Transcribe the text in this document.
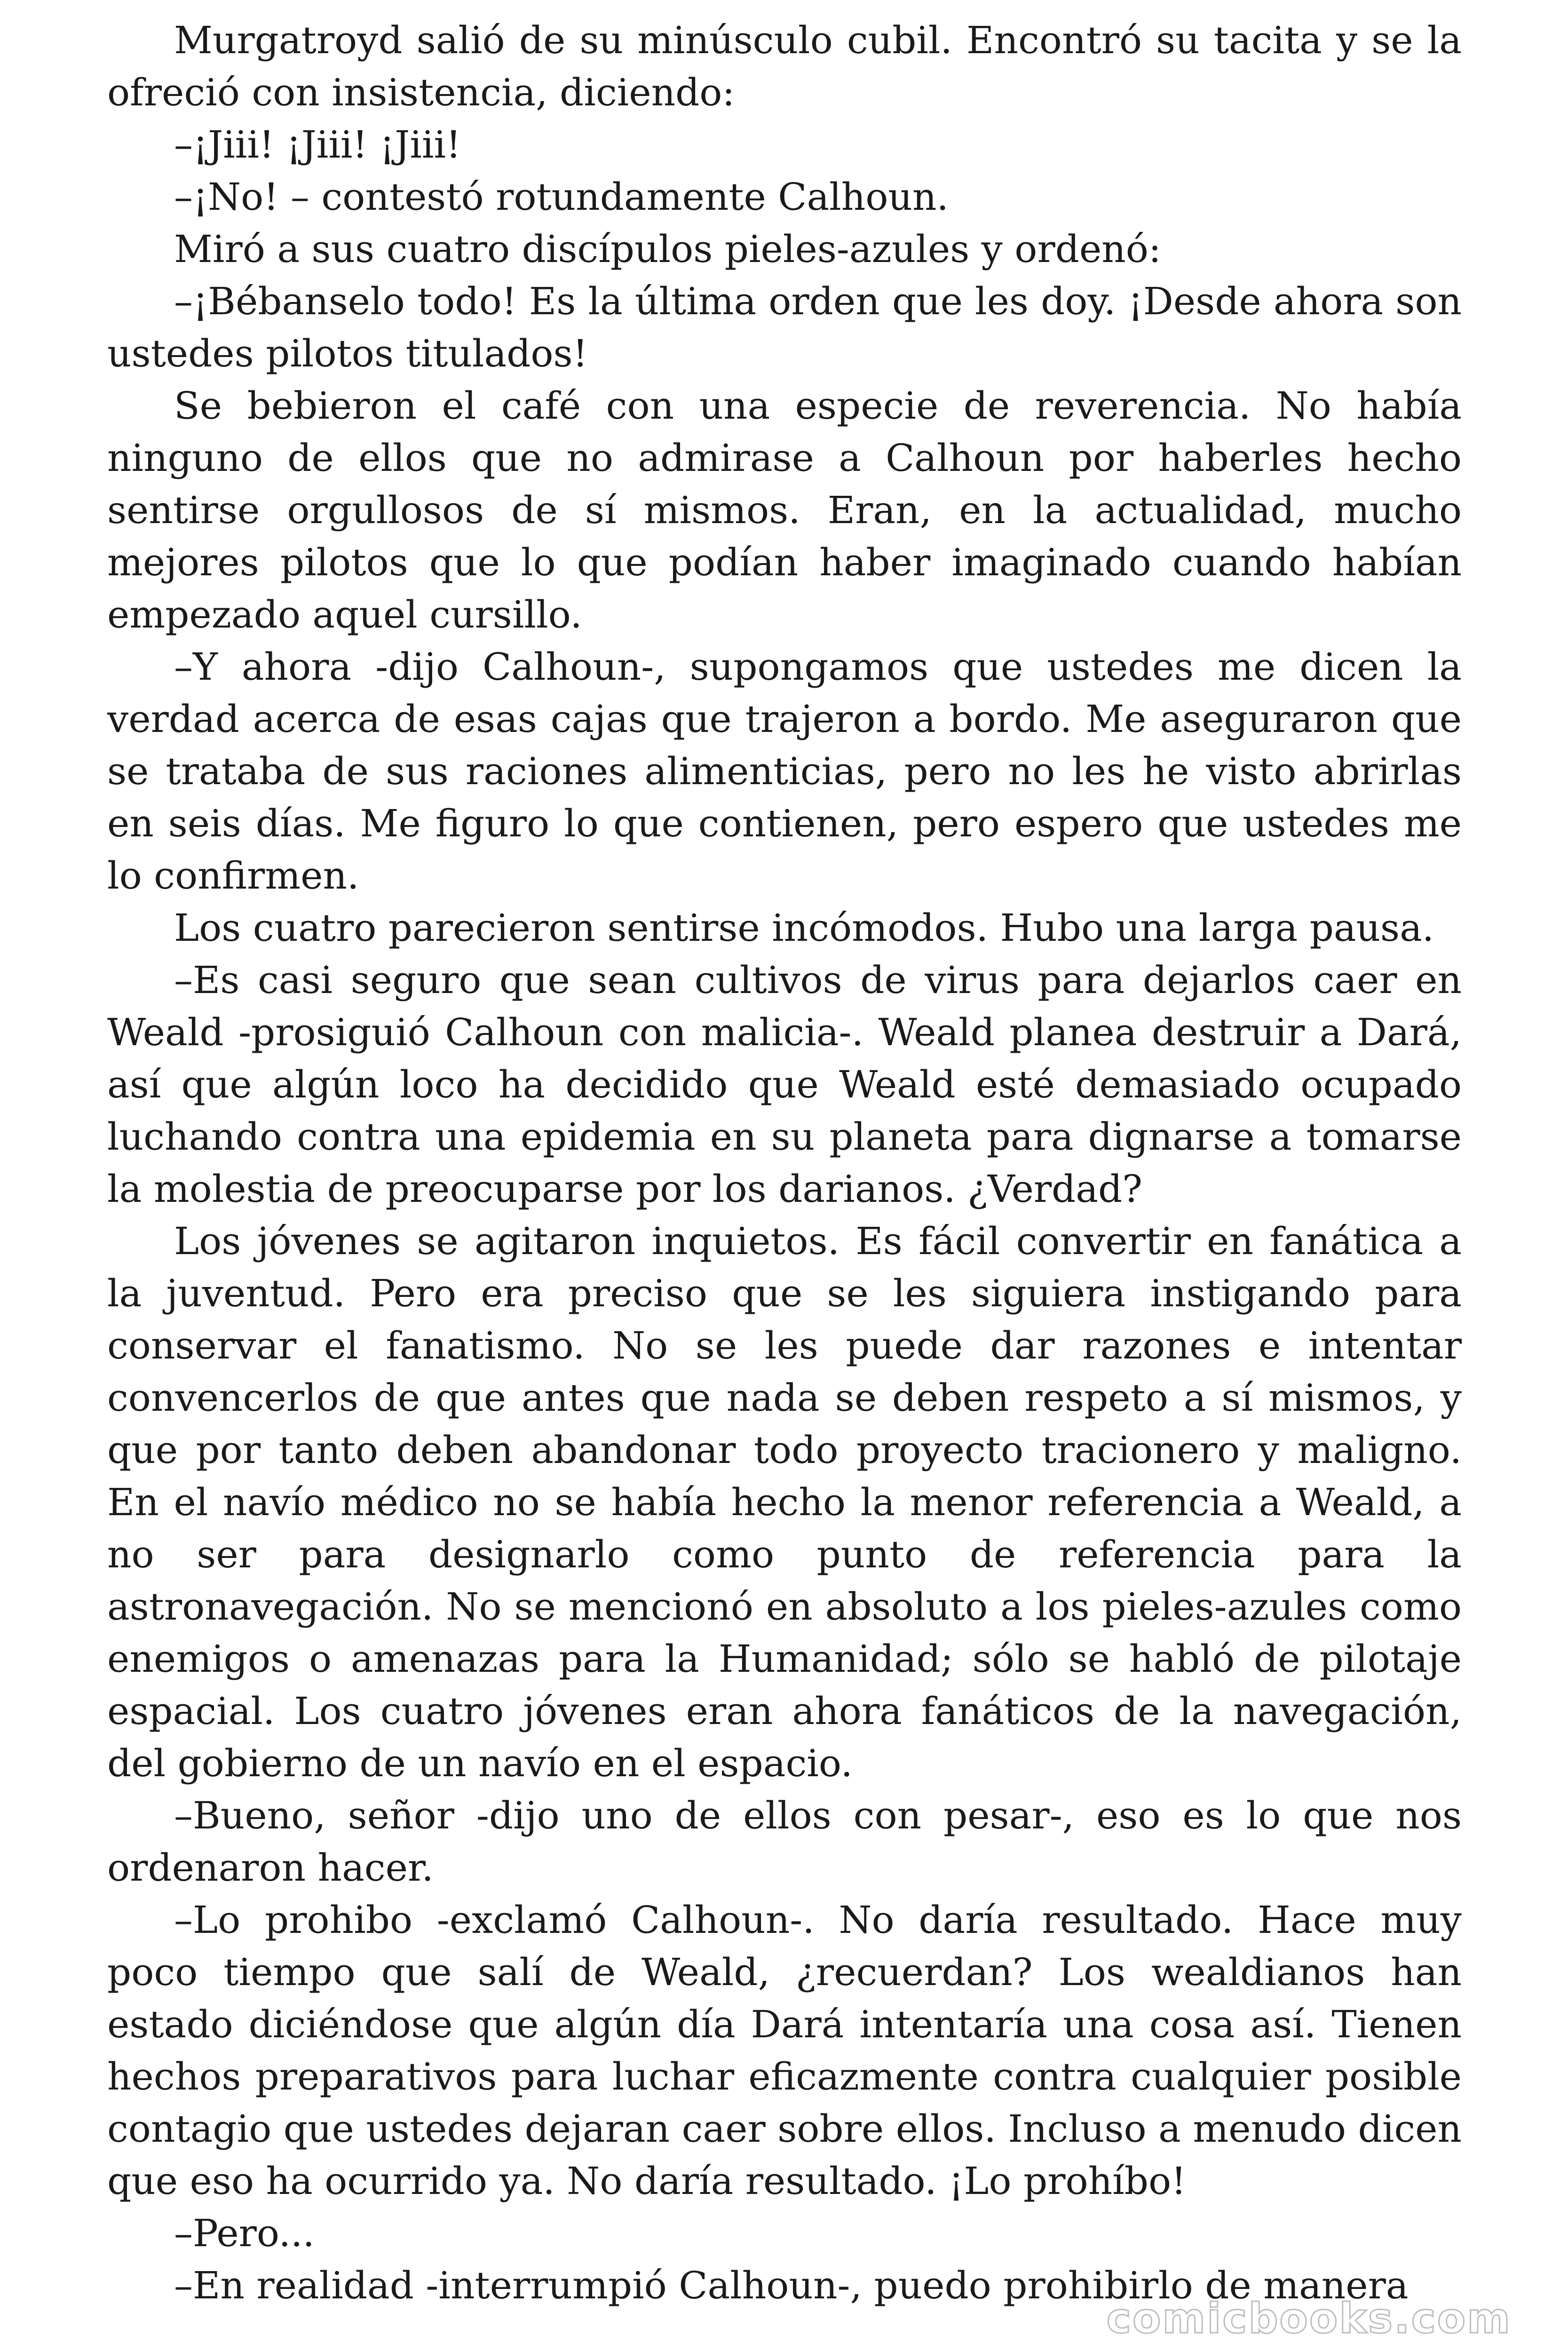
Murgatroyd salió de su minúsculo cubil. Encontró su tacita y se la ofreció con insistencia, diciendo:

–¡Jiii! ¡Jiii! ¡Jiii!

–¡No! – contestó rotundamente Calhoun.

Miró a sus cuatro discípulos pieles-azules y ordenó:

–¡Bébanselo todo! Es la última orden que les doy. ¡Desde ahora son ustedes pilotos titulados!

Se bebieron el café con una especie de reverencia. No había ninguno de ellos que no admirase a Calhoun por haberles hecho sentirse orgullosos de sí mismos. Eran, en la actualidad, mucho mejores pilotos que lo que podían haber imaginado cuando habían empezado aquel cursillo.

–Y ahora -dijo Calhoun-, supongamos que ustedes me dicen la verdad acerca de esas cajas que trajeron a bordo. Me aseguraron que se trataba de sus raciones alimenticias, pero no les he visto abrirlas en seis días. Me figuro lo que contienen, pero espero que ustedes me lo confirmen.

Los cuatro parecieron sentirse incómodos. Hubo una larga pausa.

–Es casi seguro que sean cultivos de virus para dejarlos caer en Weald -prosiguió Calhoun con malicia-. Weald planea destruir a Dará, así que algún loco ha decidido que Weald esté demasiado ocupado luchando contra una epidemia en su planeta para dignarse a tomarse la molestia de preocuparse por los darianos. ¿Verdad?

Los jóvenes se agitaron inquietos. Es fácil convertir en fanática a la juventud. Pero era preciso que se les siguiera instigando para conservar el fanatismo. No se les puede dar razones e intentar convencerlos de que antes que nada se deben respeto a sí mismos, y que por tanto deben abandonar todo proyecto tracionero y maligno. En el navío médico no se había hecho la menor referencia a Weald, a no ser para designarlo como punto de referencia para la astronavegación. No se mencionó en absoluto a los pieles-azules como enemigos o amenazas para la Humanidad; sólo se habló de pilotaje espacial. Los cuatro jóvenes eran ahora fanáticos de la navegación, del gobierno de un navío en el espacio.

–Bueno, señor -dijo uno de ellos con pesar-, eso es lo que nos ordenaron hacer.

–Lo prohibo -exclamó Calhoun-. No daría resultado. Hace muy poco tiempo que salí de Weald, ¿recuerdan? Los wealdianos han estado diciéndose que algún día Dará intentaría una cosa así. Tienen hechos preparativos para luchar eficazmente contra cualquier posible contagio que ustedes dejaran caer sobre ellos. Incluso a menudo dicen que eso ha ocurrido ya. No daría resultado. ¡Lo prohíbo!

–Pero...

–En realidad -interrumpió Calhoun-, puedo prohibirlo de manera

comicbooks.com
